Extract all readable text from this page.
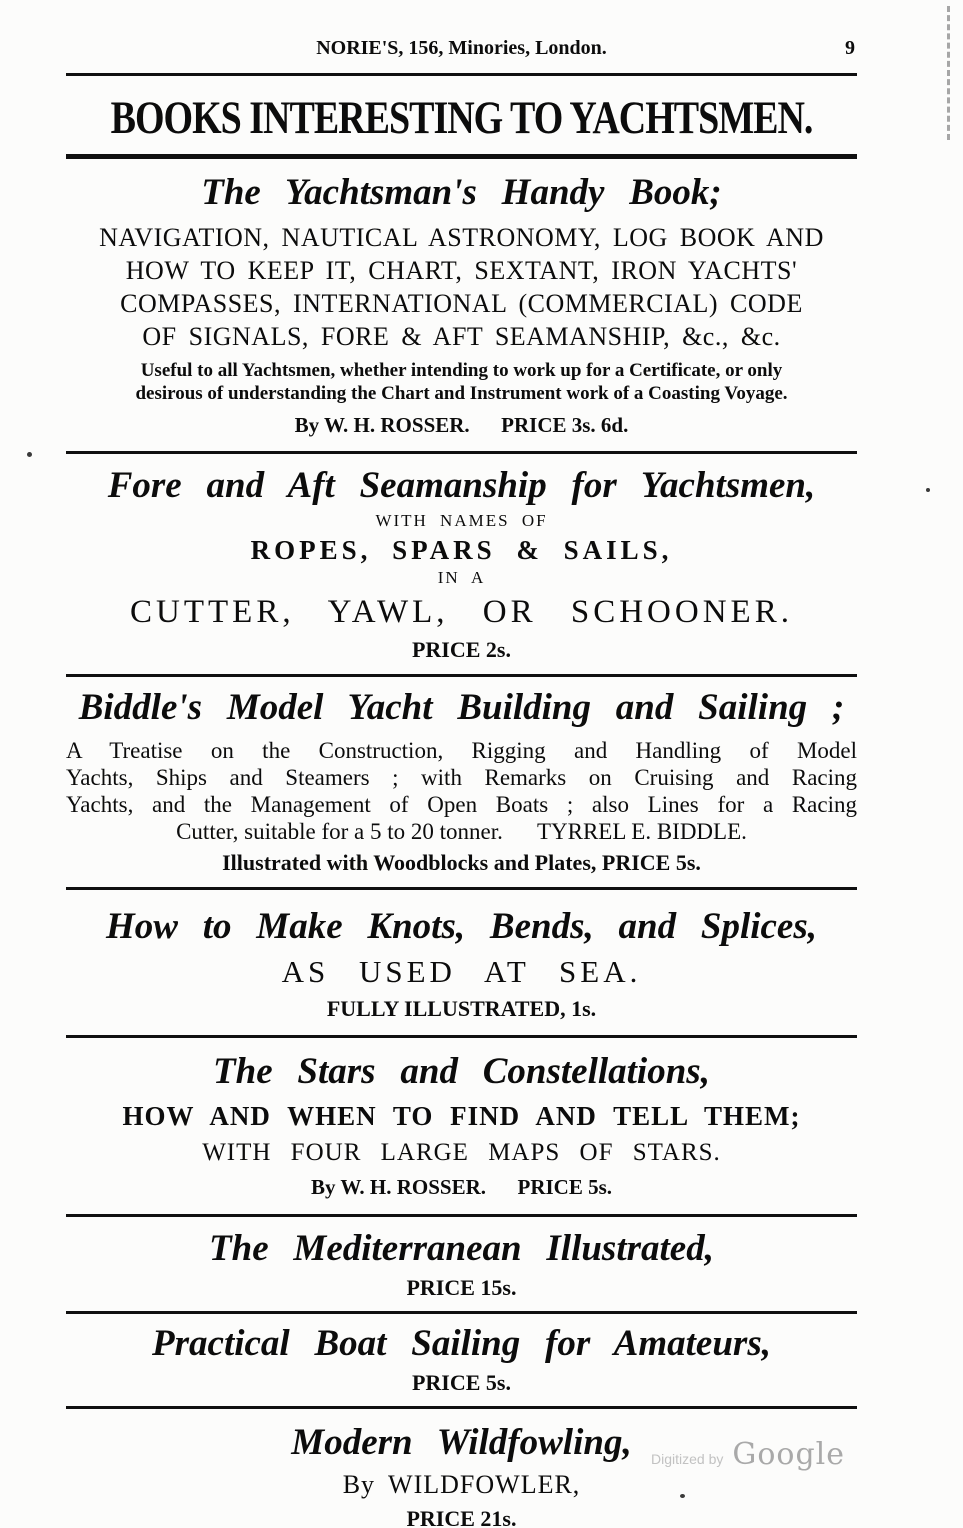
NORIE'S, 156, Minories, London.	9
BOOKS INTERESTING TO YACHTSMEN.
The Yachtsman's Handy Book;
NAVIGATION, NAUTICAL ASTRONOMY, LOG BOOK AND
HOW TO KEEP IT, CHART, SEXTANT, IRON YACHTS'
COMPASSES, INTERNATIONAL (COMMERCIAL) CODE
OF SIGNALS, FORE & AFT SEAMANSHIP, &c., &c.
Useful to all Yachtsmen, whether intending to work up for a Certificate, or only
desirous of understanding the Chart and Instrument work of a Coasting Voyage.
By W. H. ROSSER.      PRICE 3s. 6d.
Fore and Aft Seamanship for Yachtsmen,
WITH NAMES OF
ROPES, SPARS & SAILS,
IN A
CUTTER, YAWL, OR SCHOONER.
PRICE 2s.
Biddle's Model Yacht Building and Sailing ;
A Treatise on the Construction, Rigging and Handling of Model
Yachts, Ships and Steamers ; with Remarks on Cruising and Racing
Yachts, and the Management of Open Boats ; also Lines for a Racing
Cutter, suitable for a 5 to 20 tonner.      TYRREL E. BIDDLE.
Illustrated with Woodblocks and Plates, PRICE 5s.
How to Make Knots, Bends, and Splices,
AS USED AT SEA.
FULLY ILLUSTRATED, 1s.
The Stars and Constellations,
HOW AND WHEN TO FIND AND TELL THEM;
WITH FOUR LARGE MAPS OF STARS.
By W. H. ROSSER.      PRICE 5s.
The Mediterranean Illustrated,
PRICE 15s.
Practical Boat Sailing for Amateurs,
PRICE 5s.
Modern Wildfowling,
By WILDFOWLER,
PRICE 21s.
Digitized by Google
